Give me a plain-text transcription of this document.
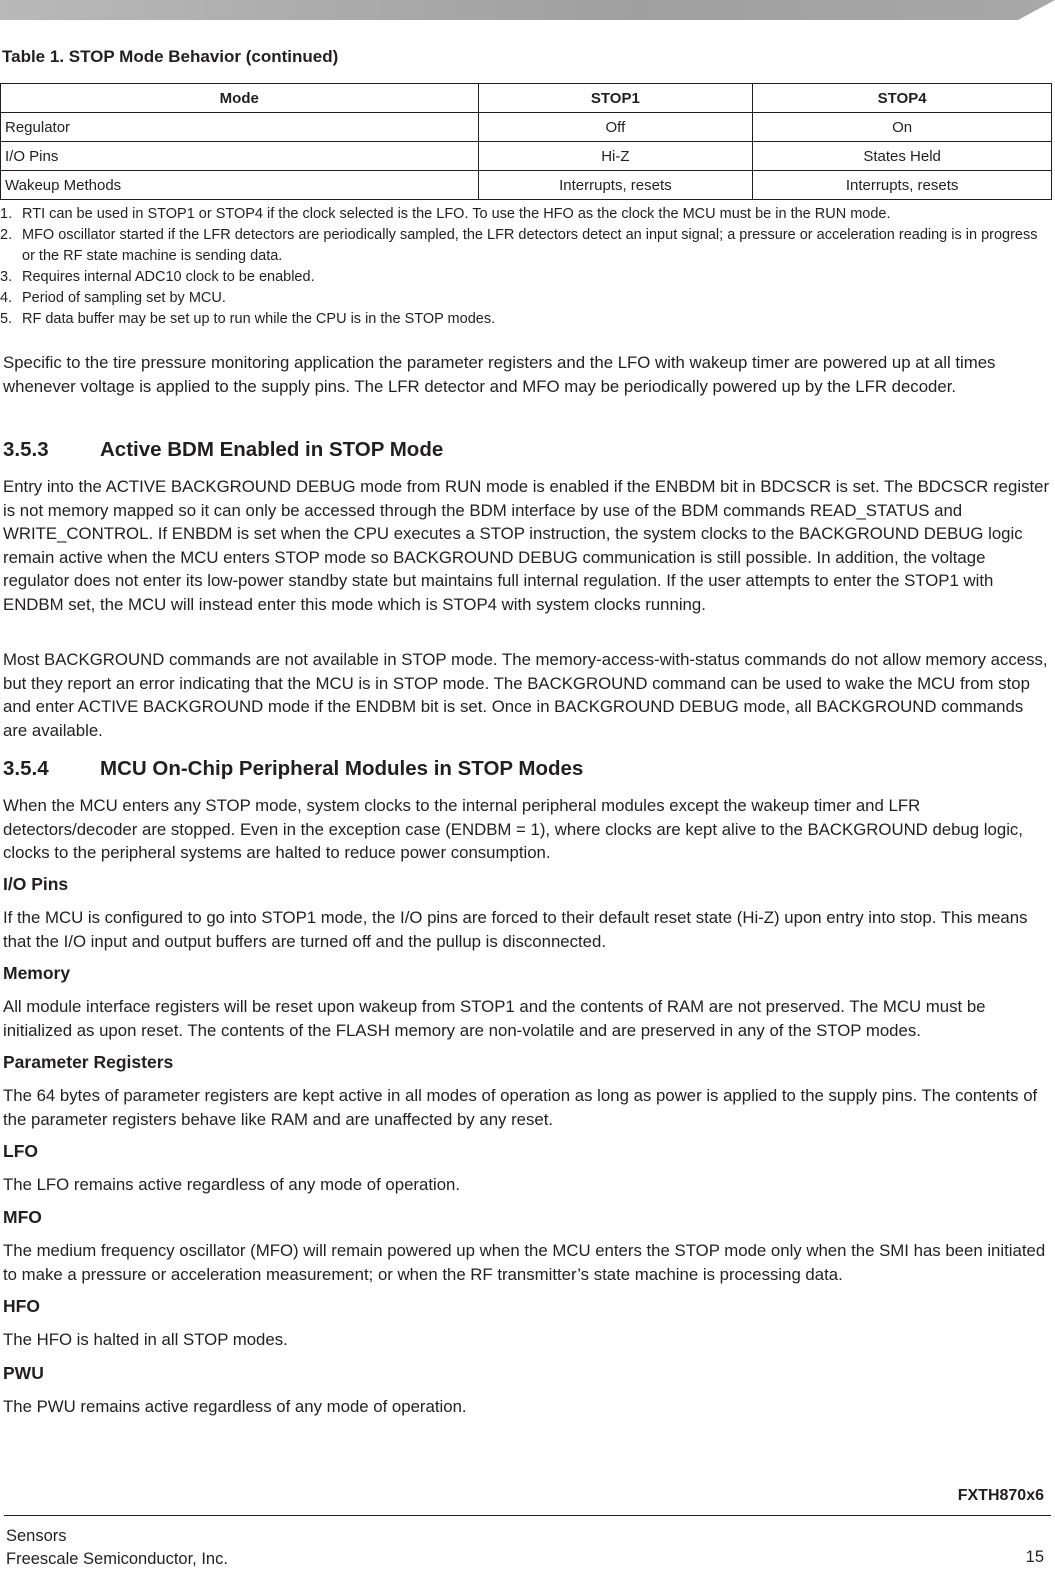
Table 1. STOP Mode Behavior (continued)
Mode	STOP1	STOP4
Regulator	Off	On
I/O Pins	Hi-Z	States Held
Wakeup Methods	Interrupts, resets	Interrupts, resets
1. RTI can be used in STOP1 or STOP4 if the clock selected is the LFO. To use the HFO as the clock the MCU must be in the RUN mode.
2. MFO oscillator started if the LFR detectors are periodically sampled, the LFR detectors detect an input signal; a pressure or acceleration reading is in progress or the RF state machine is sending data.
3. Requires internal ADC10 clock to be enabled.
4. Period of sampling set by MCU.
5. RF data buffer may be set up to run while the CPU is in the STOP modes.

Specific to the tire pressure monitoring application the parameter registers and the LFO with wakeup timer are powered up at all times whenever voltage is applied to the supply pins. The LFR detector and MFO may be periodically powered up by the LFR decoder.

3.5.3	Active BDM Enabled in STOP Mode

Entry into the ACTIVE BACKGROUND DEBUG mode from RUN mode is enabled if the ENBDM bit in BDCSCR is set. The BDCSCR register is not memory mapped so it can only be accessed through the BDM interface by use of the BDM commands READ_STATUS and WRITE_CONTROL. If ENBDM is set when the CPU executes a STOP instruction, the system clocks to the BACKGROUND DEBUG logic remain active when the MCU enters STOP mode so BACKGROUND DEBUG communication is still possible. In addition, the voltage regulator does not enter its low-power standby state but maintains full internal regulation. If the user attempts to enter the STOP1 with ENDBM set, the MCU will instead enter this mode which is STOP4 with system clocks running.

Most BACKGROUND commands are not available in STOP mode. The memory-access-with-status commands do not allow memory access, but they report an error indicating that the MCU is in STOP mode. The BACKGROUND command can be used to wake the MCU from stop and enter ACTIVE BACKGROUND mode if the ENDBM bit is set. Once in BACKGROUND DEBUG mode, all BACKGROUND commands are available.

3.5.4	MCU On-Chip Peripheral Modules in STOP Modes

When the MCU enters any STOP mode, system clocks to the internal peripheral modules except the wakeup timer and LFR detectors/decoder are stopped. Even in the exception case (ENDBM = 1), where clocks are kept alive to the BACKGROUND debug logic, clocks to the peripheral systems are halted to reduce power consumption.

I/O Pins

If the MCU is configured to go into STOP1 mode, the I/O pins are forced to their default reset state (Hi-Z) upon entry into stop. This means that the I/O input and output buffers are turned off and the pullup is disconnected.

Memory

All module interface registers will be reset upon wakeup from STOP1 and the contents of RAM are not preserved. The MCU must be initialized as upon reset. The contents of the FLASH memory are non-volatile and are preserved in any of the STOP modes.

Parameter Registers

The 64 bytes of parameter registers are kept active in all modes of operation as long as power is applied to the supply pins. The contents of the parameter registers behave like RAM and are unaffected by any reset.

LFO

The LFO remains active regardless of any mode of operation.

MFO

The medium frequency oscillator (MFO) will remain powered up when the MCU enters the STOP mode only when the SMI has been initiated to make a pressure or acceleration measurement; or when the RF transmitter’s state machine is processing data.

HFO

The HFO is halted in all STOP modes.

PWU

The PWU remains active regardless of any mode of operation.

FXTH870x6
Sensors
Freescale Semiconductor, Inc.	15
